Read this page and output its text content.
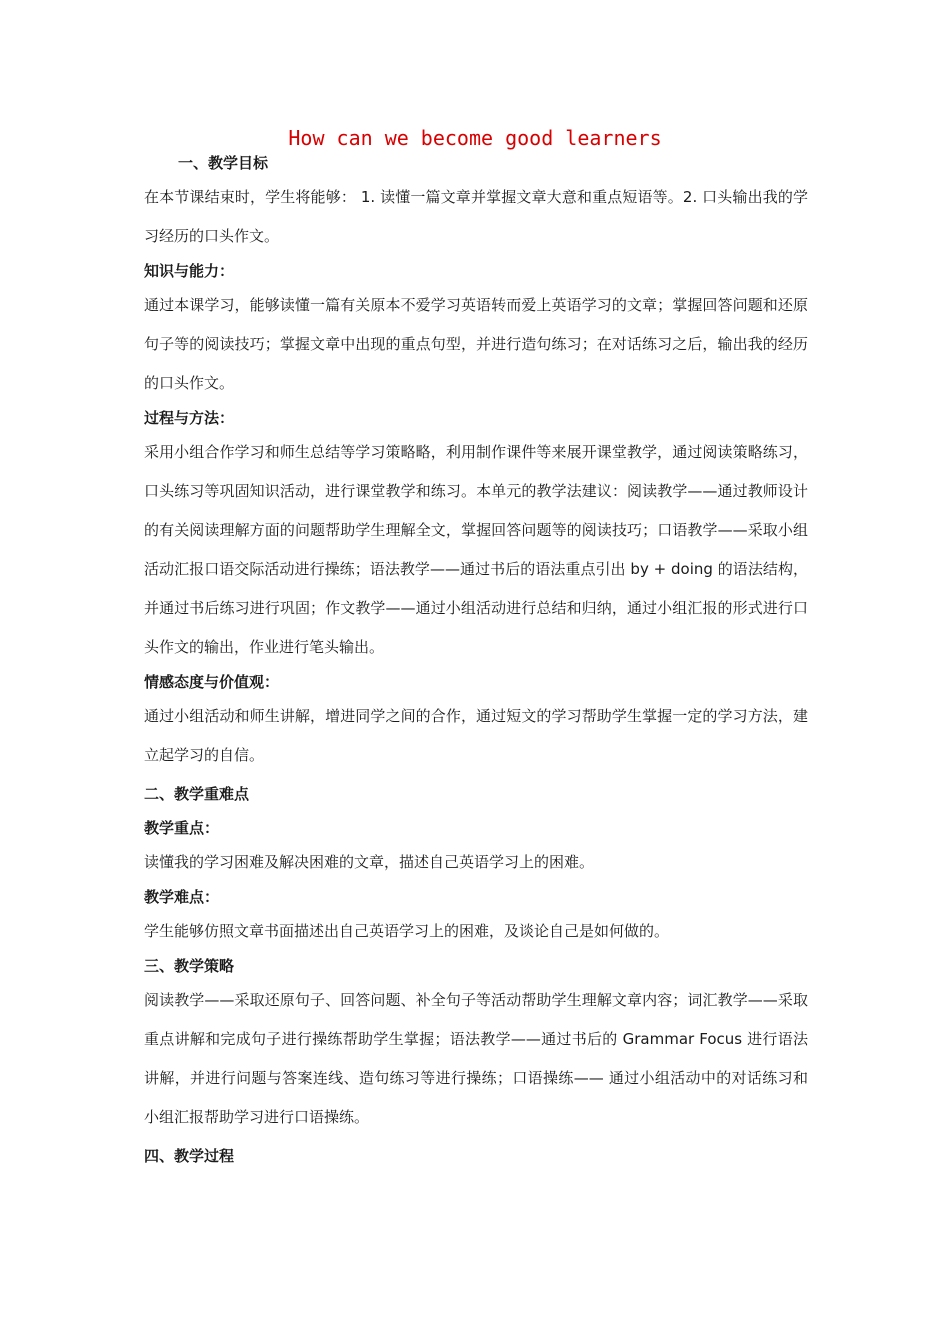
How can we become good learners
一、教学目标
在本节课结束时，学生将能够： 1. 读懂一篇文章并掌握文章大意和重点短语等。2. 口头输出我的学习经历的口头作文。
知识与能力：
通过本课学习，能够读懂一篇有关原本不爱学习英语转而爱上英语学习的文章；掌握回答问题和还原句子等的阅读技巧；掌握文章中出现的重点句型，并进行造句练习；在对话练习之后，输出我的经历的口头作文。
过程与方法：
采用小组合作学习和师生总结等学习策略略，利用制作课件等来展开课堂教学，通过阅读策略练习，口头练习等巩固知识活动，进行课堂教学和练习。本单元的教学法建议：阅读教学——通过教师设计的有关阅读理解方面的问题帮助学生理解全文，掌握回答问题等的阅读技巧；口语教学——采取小组活动汇报口语交际活动进行操练；语法教学——通过书后的语法重点引出 by + doing 的语法结构，并通过书后练习进行巩固；作文教学——通过小组活动进行总结和归纳，通过小组汇报的形式进行口头作文的输出，作业进行笔头输出。
情感态度与价值观：
通过小组活动和师生讲解，增进同学之间的合作，通过短文的学习帮助学生掌握一定的学习方法，建立起学习的自信。
二、教学重难点
教学重点：
读懂我的学习困难及解决困难的文章，描述自己英语学习上的困难。
教学难点：
学生能够仿照文章书面描述出自己英语学习上的困难，及谈论自己是如何做的。
三、教学策略
阅读教学——采取还原句子、回答问题、补全句子等活动帮助学生理解文章内容；词汇教学——采取重点讲解和完成句子进行操练帮助学生掌握；语法教学——通过书后的 Grammar Focus 进行语法讲解，并进行问题与答案连线、造句练习等进行操练；口语操练—— 通过小组活动中的对话练习和小组汇报帮助学习进行口语操练。
四、教学过程
